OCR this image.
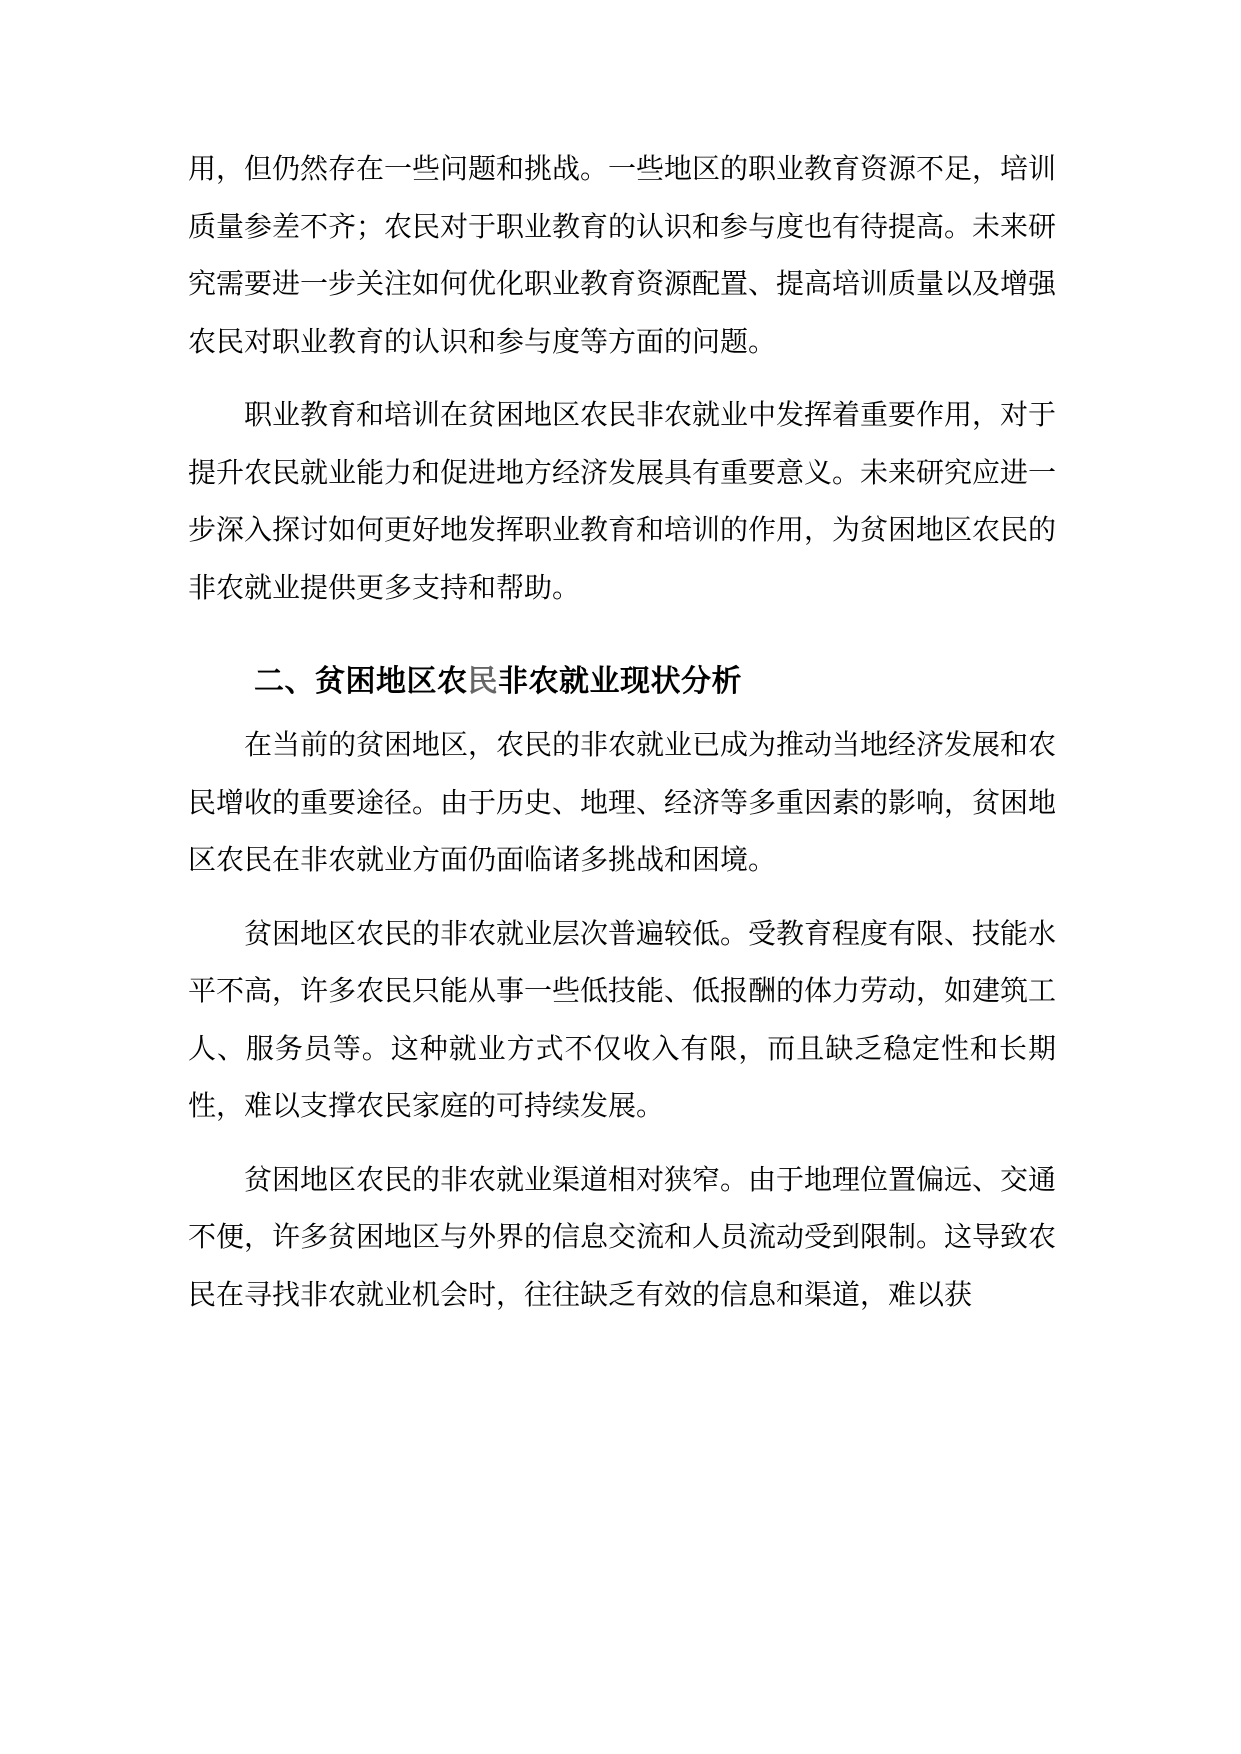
用，但仍然存在一些问题和挑战。一些地区的职业教育资源不足，培训质量参差不齐；农民对于职业教育的认识和参与度也有待提高。未来研究需要进一步关注如何优化职业教育资源配置、提高培训质量以及增强农民对职业教育的认识和参与度等方面的问题。

职业教育和培训在贫困地区农民非农就业中发挥着重要作用，对于提升农民就业能力和促进地方经济发展具有重要意义。未来研究应进一步深入探讨如何更好地发挥职业教育和培训的作用，为贫困地区农民的非农就业提供更多支持和帮助。

二、贫困地区农民非农就业现状分析

在当前的贫困地区，农民的非农就业已成为推动当地经济发展和农民增收的重要途径。由于历史、地理、经济等多重因素的影响，贫困地区农民在非农就业方面仍面临诸多挑战和困境。

贫困地区农民的非农就业层次普遍较低。受教育程度有限、技能水平不高，许多农民只能从事一些低技能、低报酬的体力劳动，如建筑工人、服务员等。这种就业方式不仅收入有限，而且缺乏稳定性和长期性，难以支撑农民家庭的可持续发展。

贫困地区农民的非农就业渠道相对狭窄。由于地理位置偏远、交通不便，许多贫困地区与外界的信息交流和人员流动受到限制。这导致农民在寻找非农就业机会时，往往缺乏有效的信息和渠道，难以获
